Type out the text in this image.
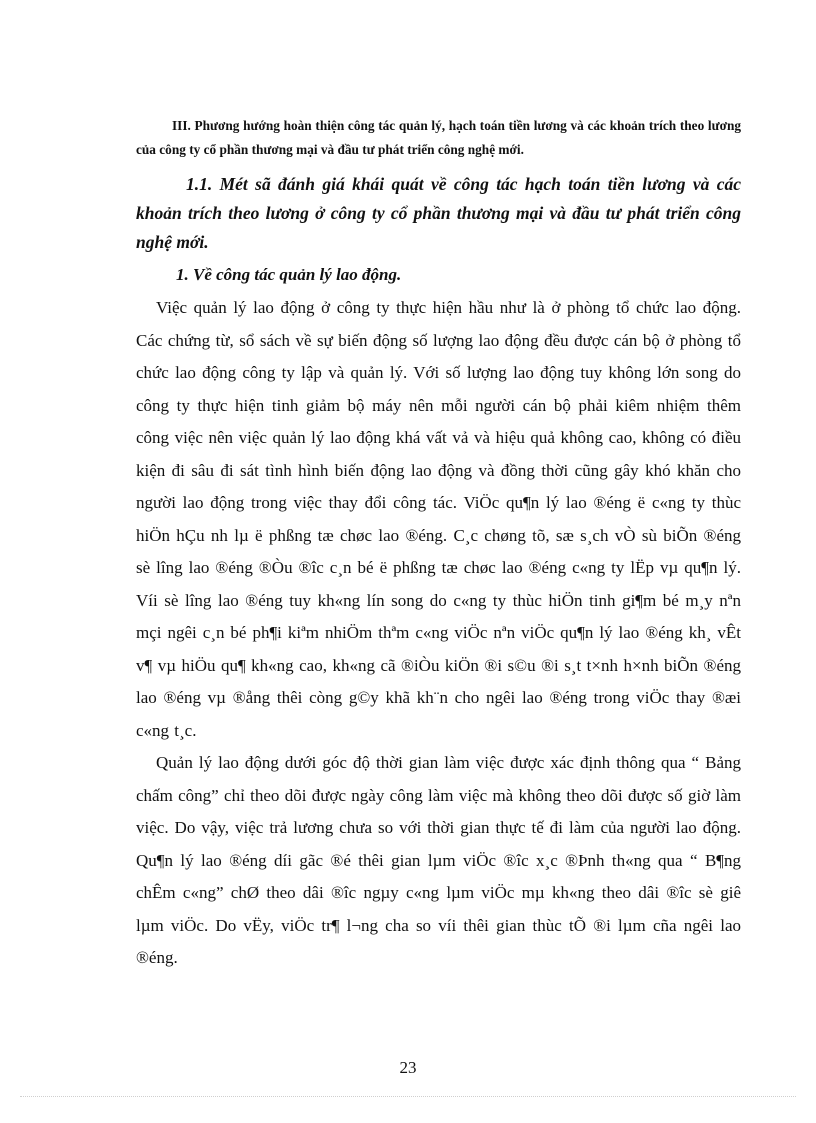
III. Phương hướng hoàn thiện công tác quản lý, hạch toán tiền lương và các khoản trích theo lương của công ty cổ phần thương mại và đầu tư phát triển công nghệ mới.

1.1. Mét sã đánh giá khái quát về công tác hạch toán tiền lương và các khoản trích theo lương ở công ty cổ phần thương mại và đầu tư phát triển công nghệ mới.

1. Về công tác quản lý lao động.

Việc quản lý lao động ở công ty thực hiện hầu như là ở phòng tổ chức lao động. Các chứng từ, sổ sách về sự biến động số lượng lao động đều được cán bộ ở phòng tổ chức lao động công ty lập và quản lý. Với số lượng lao động tuy không lớn song do công ty thực hiện tinh giảm bộ máy nên mỗi người cán bộ phải kiêm nhiệm thêm công việc nên việc quản lý lao động khá vất vả và hiệu quả không cao, không có điều kiện đi sâu đi sát tình hình biến động lao động và đồng thời cũng gây khó khăn cho người lao động trong việc thay đổi công tác. ViÖc qu¶n lý lao ®éng ë c«ng ty thùc hiÖn hÇu nh lµ ë phßng tæ chøc lao ®éng. C¸c chøng tõ, sæ s¸ch vÒ sù biÕn ®éng sè lîng lao ®éng ®Òu ®îc c¸n bé ë phßng tæ chøc lao ®éng c«ng ty lËp vµ qu¶n lý. Víi sè lîng lao ®éng tuy kh«ng lín song do c«ng ty thùc hiÖn tinh gi¶m bé m¸y nªn mçi ngêi c¸n bé ph¶i kiªm nhiÖm thªm c«ng viÖc nªn viÖc qu¶n lý lao ®éng kh¸ vÊt v¶ vµ hiÖu qu¶ kh«ng cao, kh«ng cã ®iÒu kiÖn ®i s©u ®i s¸t t×nh h×nh biÕn ®éng lao ®éng vµ ®ång thêi còng g©y khã kh¨n cho ngêi lao ®éng trong viÖc thay ®æi c«ng t¸c.

Quản lý lao động dưới góc độ thời gian làm việc được xác định thông qua “ Bảng chấm công” chỉ theo dõi được ngày công làm việc mà không theo dõi được số giờ làm việc. Do vậy, việc trả lương chưa so với thời gian thực tế đi làm của người lao động. Qu¶n lý lao ®éng díi gãc ®é thêi gian lµm viÖc ®îc x¸c ®Þnh th«ng qua “ B¶ng chÊm c«ng” chØ theo dâi ®îc ngµy c«ng lµm viÖc mµ kh«ng theo dâi ®îc sè giê lµm viÖc. Do vËy, viÖc tr¶ l¬ng cha so víi thêi gian thùc tÕ ®i lµm cña ngêi lao ®éng.

23
